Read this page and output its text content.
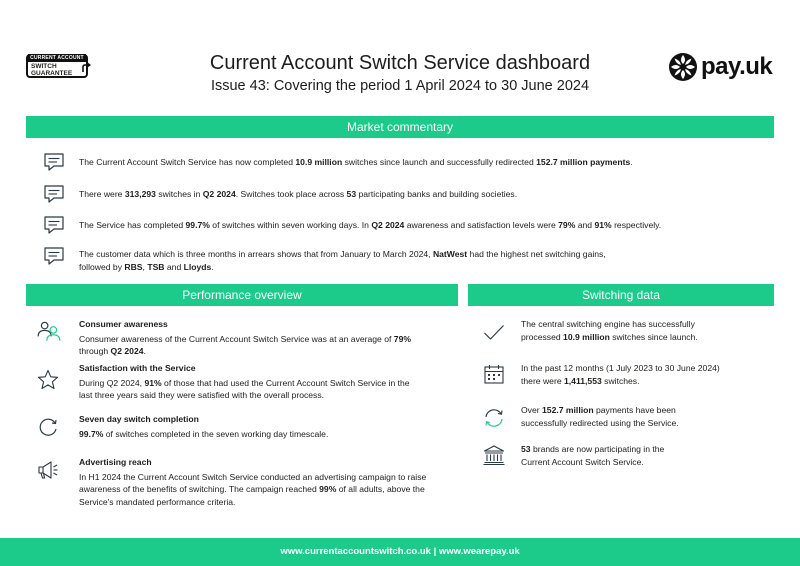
CURRENT ACCOUNT
SWITCH
GUARANTEE	Current Account Switch Service dashboard
Issue 43: Covering the period 1 April 2024 to 30 June 2024
pay.uk
Market commentary
The Current Account Switch Service has now completed 10.9 million switches since launch and successfully redirected 152.7 million payments.
There were 313,293 switches in Q2 2024. Switches took place across 53 participating banks and building societies.
The Service has completed 99.7% of switches within seven working days. In Q2 2024 awareness and satisfaction levels were 79% and 91% respectively.
The customer data which is three months in arrears shows that from January to March 2024, NatWest had the highest net switching gains,
followed by RBS, TSB and Lloyds.
Performance overview
Consumer awareness
Consumer awareness of the Current Account Switch Service was at an average of 79%
through Q2 2024.
Satisfaction with the Service
During Q2 2024, 91% of those that had used the Current Account Switch Service in the
last three years said they were satisfied with the overall process.
Seven day switch completion
99.7% of switches completed in the seven working day timescale.
Advertising reach
In H1 2024 the Current Account Switch Service conducted an advertising campaign to raise
awareness of the benefits of switching. The campaign reached 99% of all adults, above the
Service's mandated performance criteria.
Switching data
The central switching engine has successfully
processed 10.9 million switches since launch.
In the past 12 months (1 July 2023 to 30 June 2024)
there were 1,411,553 switches.
Over 152.7 million payments have been
successfully redirected using the Service.
53 brands are now participating in the
Current Account Switch Service.
www.currentaccountswitch.co.uk | www.wearepay.uk
